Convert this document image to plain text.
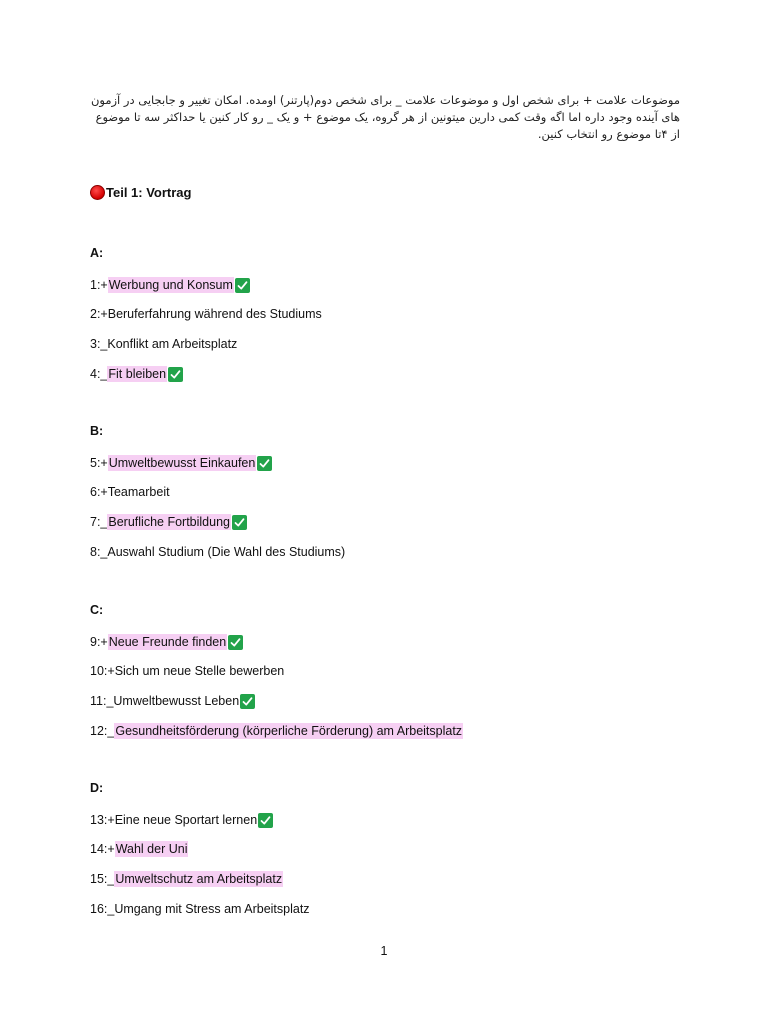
موضوعات علامت + برای شخص اول و موضوعات علامت _ برای شخص دوم(پارتنر) اومده. امکان تغییر و جابجایی در آزمون

های آینده وجود داره اما اگه وقت کمی دارین میتونین از هر گروه، یک موضوع + و یک _ رو کار کنین یا حداکثر سه تا موضوع

از ۴تا موضوع رو انتخاب کنین.

Teil 1: Vortrag
A:
1:+ Werbung und Konsum
2:+ Beruferfahrung während des Studiums
3:_ Konflikt am Arbeitsplatz
4:_ Fit bleiben
B:
5:+ Umweltbewusst Einkaufen
6:+ Teamarbeit
7:_ Berufliche Fortbildung
8:_ Auswahl Studium (Die Wahl des Studiums)
C:
9:+ Neue Freunde finden
10:+ Sich um neue Stelle bewerben
11:_ Umweltbewusst Leben
12:_ Gesundheitsförderung (körperliche Förderung) am Arbeitsplatz
D:
13:+ Eine neue Sportart lernen
14:+ Wahl der Uni
15:_ Umweltschutz am Arbeitsplatz
16:_ Umgang mit Stress am Arbeitsplatz
1
